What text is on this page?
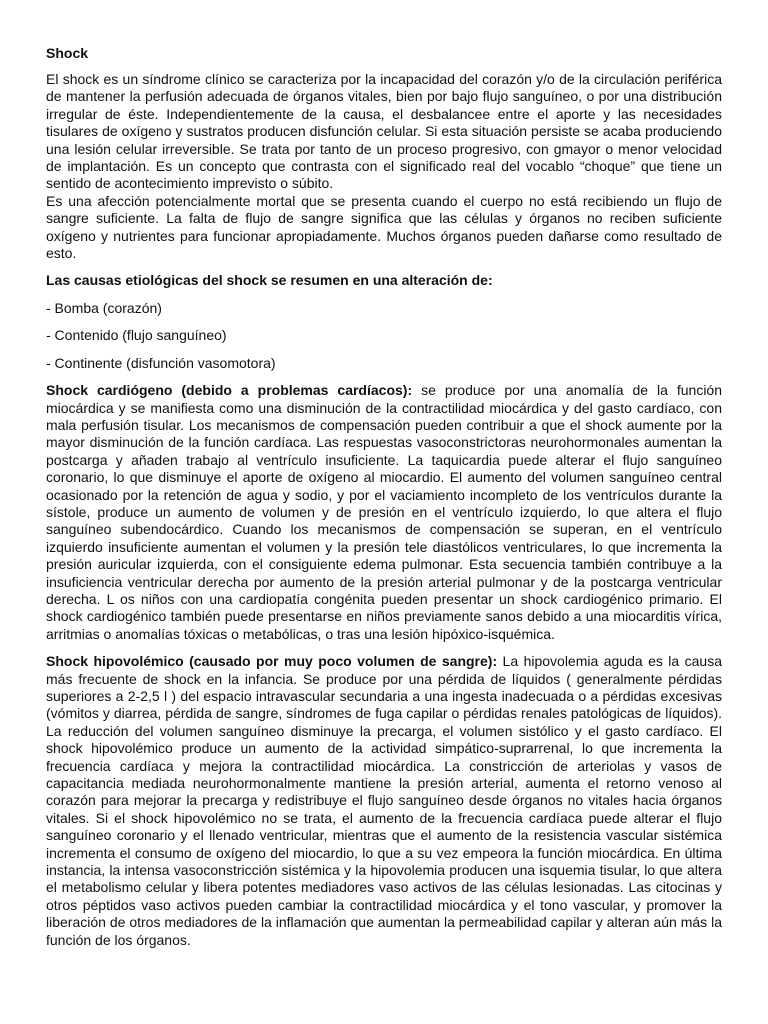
Shock

El shock es un síndrome clínico se caracteriza por la incapacidad del corazón y/o de la circulación periférica de mantener la perfusión adecuada de órganos vitales, bien por bajo flujo sanguíneo, o por una distribución irregular de éste. Independientemente de la causa, el desbalancee entre el aporte y las necesidades tisulares de oxígeno y sustratos producen disfunción celular. Si esta situación persiste se acaba produciendo una lesión celular irreversible. Se trata por tanto de un proceso progresivo, con gmayor o menor velocidad de implantación. Es un concepto que contrasta con el significado real del vocablo “choque” que tiene un sentido de acontecimiento imprevisto o súbito.
Es una afección potencialmente mortal que se presenta cuando el cuerpo no está recibiendo un flujo de sangre suficiente. La falta de flujo de sangre significa que las células y órganos no reciben suficiente oxígeno y nutrientes para funcionar apropiadamente. Muchos órganos pueden dañarse como resultado de esto.

Las causas etiológicas del shock se resumen en una alteración de:

- Bomba (corazón)
- Contenido (flujo sanguíneo)
- Continente (disfunción vasomotora)

Shock cardiógeno (debido a problemas cardíacos): se produce por una anomalía de la función miocárdica y se manifiesta como una disminución de la contractilidad miocárdica y del gasto cardíaco, con mala perfusión tisular. Los mecanismos de compensación pueden contribuir a que el shock aumente por la mayor disminución de la función cardíaca. Las respuestas vasoconstrictoras neurohormonales aumentan la postcarga y añaden trabajo al ventrículo insuficiente. La taquicardia puede alterar el flujo sanguíneo coronario, lo que disminuye el aporte de oxígeno al miocardio. El aumento del volumen sanguíneo central ocasionado por la retención de agua y sodio, y por el vaciamiento incompleto de los ventrículos durante la sístole, produce un aumento de volumen y de presión en el ventrículo izquierdo, lo que altera el flujo sanguíneo subendocárdico. Cuando los mecanismos de compensación se superan, en el ventrículo izquierdo insuficiente aumentan el volumen y la presión tele diastólicos ventriculares, lo que incrementa la presión auricular izquierda, con el consiguiente edema pulmonar. Esta secuencia también contribuye a la insuficiencia ventricular derecha por aumento de la presión arterial pulmonar y de la postcarga ventricular derecha. L os niños con una cardiopatía congénita pueden presentar un shock cardiogénico primario. El shock cardiogénico también puede presentarse en niños previamente sanos debido a una miocarditis vírica, arritmias o anomalías tóxicas o metabólicas, o tras una lesión hipóxico-isquémica.

Shock hipovolémico (causado por muy poco volumen de sangre): La hipovolemia aguda es la causa más frecuente de shock en la infancia. Se produce por una pérdida de líquidos ( generalmente pérdidas superiores a 2-2,5 l ) del espacio intravascular secundaria a una ingesta inadecuada o a pérdidas excesivas (vómitos y diarrea, pérdida de sangre, síndromes de fuga capilar o pérdidas renales patológicas de líquidos). La reducción del volumen sanguíneo disminuye la precarga, el volumen sistólico y el gasto cardíaco. El shock hipovolémico produce un aumento de la actividad simpático-suprarrenal, lo que incrementa la frecuencia cardíaca y mejora la contractilidad miocárdica. La constricción de arteriolas y vasos de capacitancia mediada neurohormonalmente mantiene la presión arterial, aumenta el retorno venoso al corazón para mejorar la precarga y redistribuye el flujo sanguíneo desde órganos no vitales hacia órganos vitales. Si el shock hipovolémico no se trata, el aumento de la frecuencia cardíaca puede alterar el flujo sanguíneo coronario y el llenado ventricular, mientras que el aumento de la resistencia vascular sistémica incrementa el consumo de oxígeno del miocardio, lo que a su vez empeora la función miocárdica. En última instancia, la intensa vasoconstricción sistémica y la hipovolemia producen una isquemia tisular, lo que altera el metabolismo celular y libera potentes mediadores vaso activos de las células lesionadas. Las citocinas y otros péptidos vaso activos pueden cambiar la contractilidad miocárdica y el tono vascular, y promover la liberación de otros mediadores de la inflamación que aumentan la permeabilidad capilar y alteran aún más la función de los órganos.
